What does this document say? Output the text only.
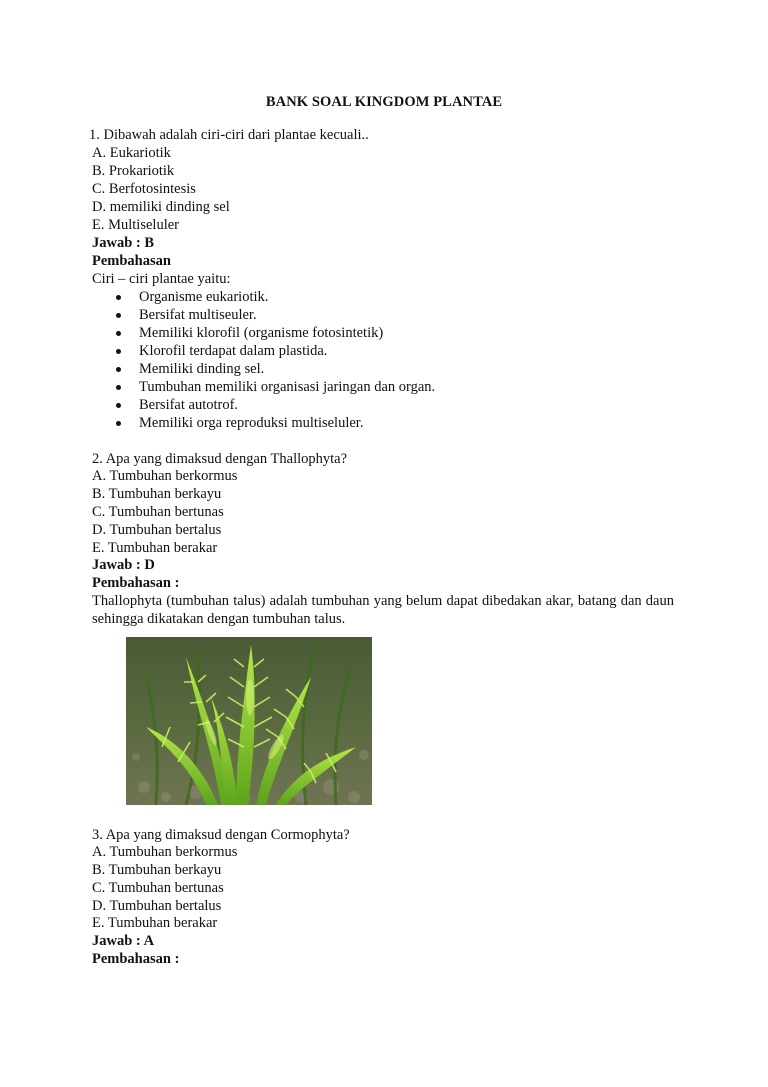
BANK SOAL KINGDOM PLANTAE
1. Dibawah adalah ciri-ciri dari plantae kecuali..
A. Eukariotik
B. Prokariotik
C. Berfotosintesis
D. memiliki dinding sel
E. Multiseluler
Jawab : B
Pembahasan
Ciri – ciri plantae yaitu:
Organisme eukariotik.
Bersifat multiseuler.
Memiliki klorofil (organisme fotosintetik)
Klorofil terdapat dalam plastida.
Memiliki dinding sel.
Tumbuhan memiliki organisasi jaringan dan organ.
Bersifat autotrof.
Memiliki orga reproduksi multiseluler.
2. Apa yang dimaksud dengan Thallophyta?
A. Tumbuhan berkormus
B. Tumbuhan berkayu
C. Tumbuhan bertunas
D. Tumbuhan bertalus
E. Tumbuhan berakar
Jawab : D
Pembahasan :
Thallophyta (tumbuhan talus) adalah tumbuhan yang belum dapat dibedakan akar, batang dan daun sehingga dikatakan dengan tumbuhan talus.
3. Apa yang dimaksud dengan Cormophyta?
A. Tumbuhan berkormus
B. Tumbuhan berkayu
C. Tumbuhan bertunas
D. Tumbuhan bertalus
E. Tumbuhan berakar
Jawab : A
Pembahasan :
